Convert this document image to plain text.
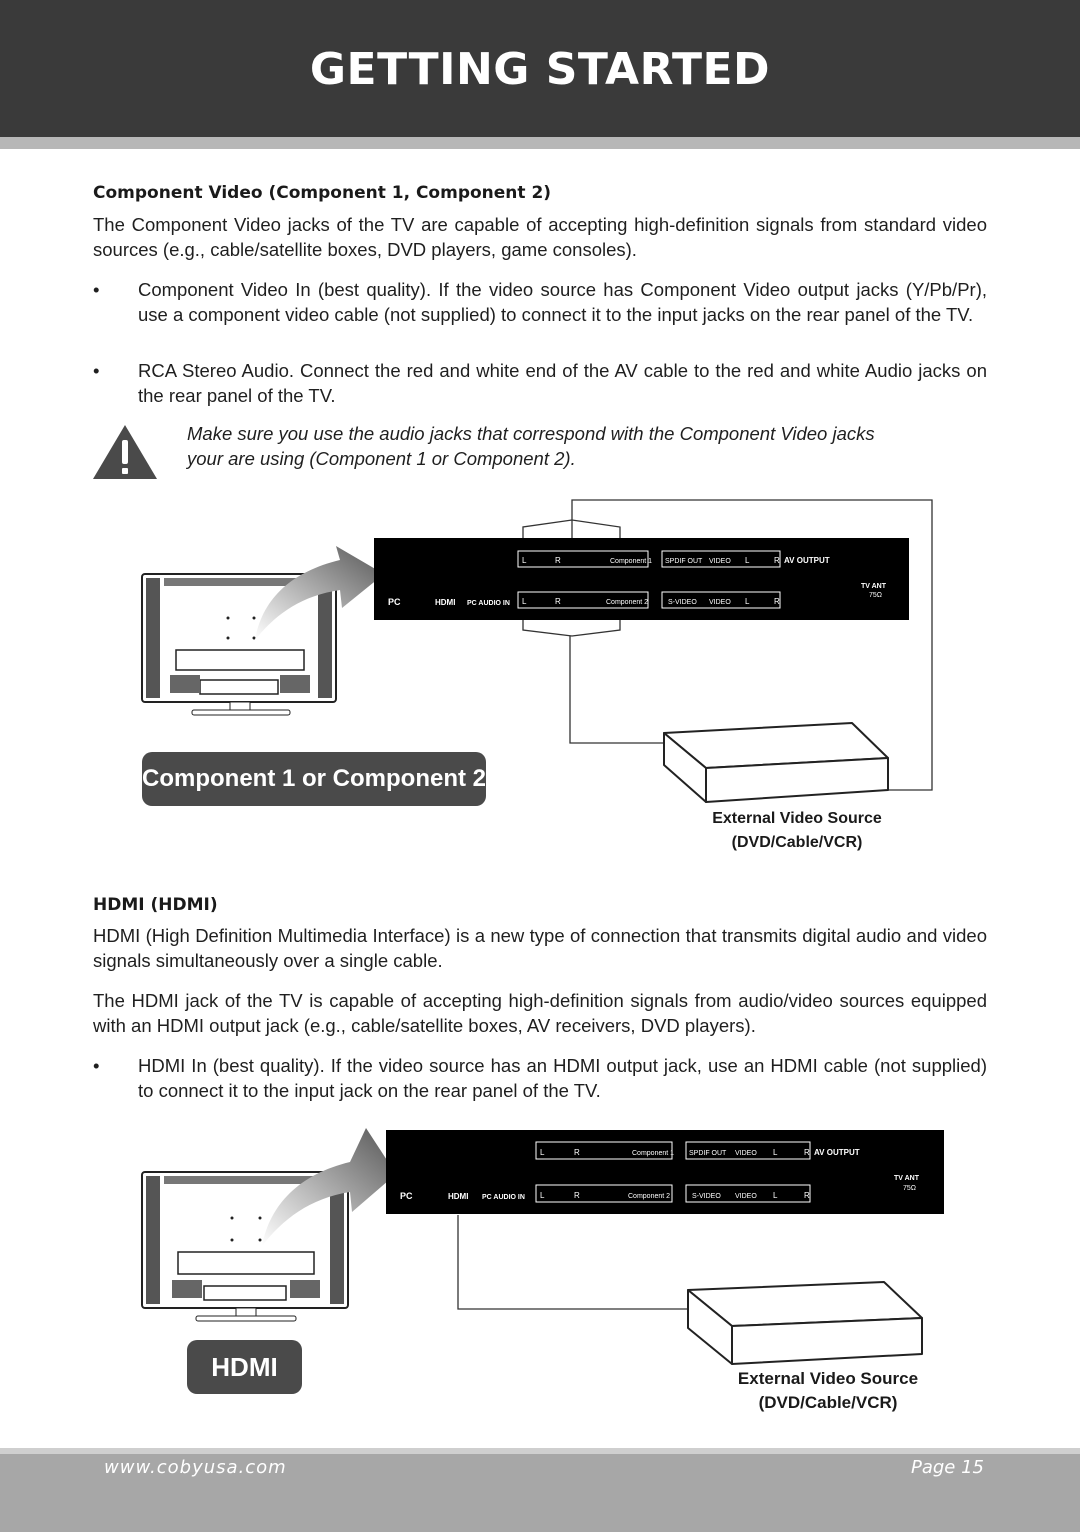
GETTING STARTED

Component Video (Component 1, Component 2)

The Component Video jacks of the TV are capable of accepting high-definition signals from standard video sources (e.g., cable/satellite boxes, DVD players, game consoles).

•	Component Video In (best quality). If the video source has Component Video output jacks (Y/Pb/Pr), use a component video cable (not supplied) to connect it to the input jacks on the rear panel of the TV.
•	RCA Stereo Audio. Connect the red and white end of the AV cable to the red and white Audio jacks on the rear panel of the TV.

Make sure you use the audio jacks that correspond with the Component Video jacks your are using (Component 1 or Component 2).

L	R	Component 1 SPDIF OUT VIDEO L	R AV OUTPUT
TV ANT
75Ω
PC	HDMI PC AUDIO IN L	R	Component 2	S-VIDEO VIDEO L	R
Component 1 or Component 2
External Video Source
(DVD/Cable/VCR)

HDMI (HDMI)

HDMI (High Definition Multimedia Interface) is a new type of connection that transmits digital audio and video signals simultaneously over a single cable.

The HDMI jack of the TV is capable of accepting high-definition signals from audio/video sources equipped with an HDMI output jack (e.g., cable/satellite boxes, AV receivers, DVD players).

•	HDMI In (best quality). If the video source has an HDMI output jack, use an HDMI cable (not supplied) to connect it to the input jack on the rear panel of the TV.
L	R	Component 1 SPDIF OUT VIDEO L	R AV OUTPUT
TV ANT
75Ω
PC	HDMI PC AUDIO IN L	R	Component 2	S-VIDEO VIDEO L	R
HDMI	External Video Source
(DVD/Cable/VCR)
www.cobyusa.com	Page 15
